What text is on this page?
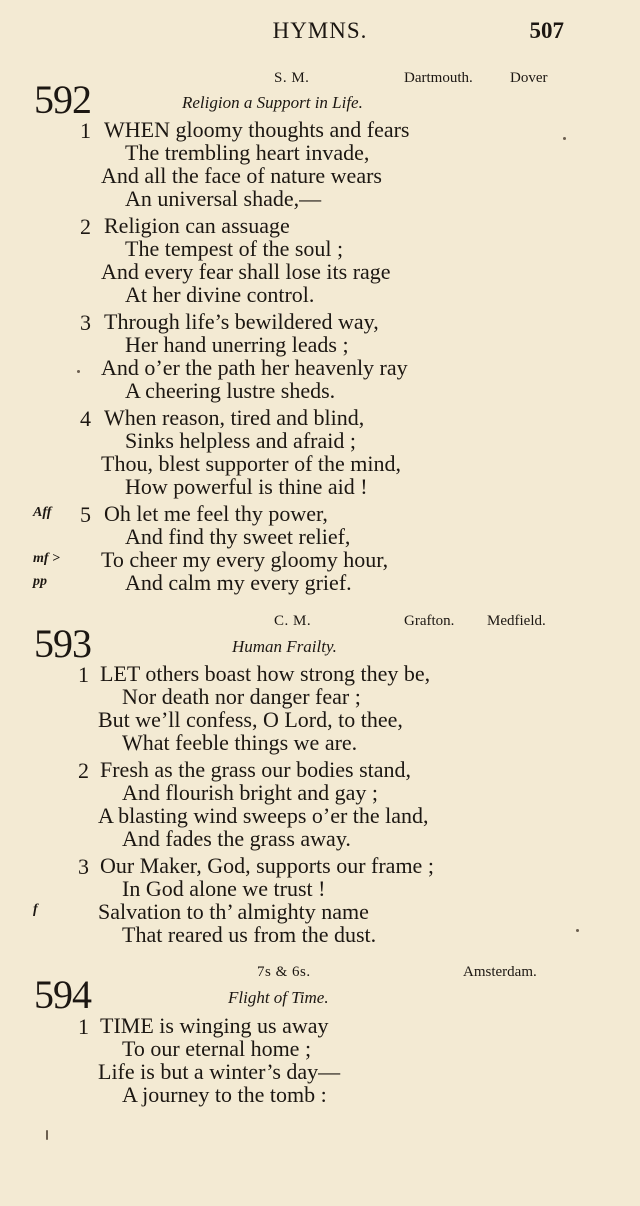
HYMNS.	507
592	S. M.	Dartmouth. Dover
Religion a Support in Life.
1 WHEN gloomy thoughts and fears
The trembling heart invade,
And all the face of nature wears
An universal shade,—
2 Religion can assuage
The tempest of the soul ;
And every fear shall lose its rage
At her divine control.
3 Through life’s bewildered way,
Her hand unerring leads ;
And o’er the path her heavenly ray
A cheering lustre sheds.
4 When reason, tired and blind,
Sinks helpless and afraid ;
Thou, blest supporter of the mind,
How powerful is thine aid !
Aff 5 Oh let me feel thy power,
And find thy sweet relief,
mf > To cheer my every gloomy hour,
pp	And calm my every grief.
593	C. M.	Grafton. Medfield.
Human Frailty.
1 LET others boast how strong they be,
Nor death nor danger fear ;
But we’ll confess, O Lord, to thee,
What feeble things we are.
2 Fresh as the grass our bodies stand,
And flourish bright and gay ;
A blasting wind sweeps o’er the land,
And fades the grass away.
3 Our Maker, God, supports our frame ;
In God alone we trust !
f	Salvation to th’ almighty name
That reared us from the dust.
594	7s & 6s.	Amsterdam.
Flight of Time.
1 TIME is winging us away
To our eternal home ;
Life is but a winter’s day—
A journey to the tomb :
